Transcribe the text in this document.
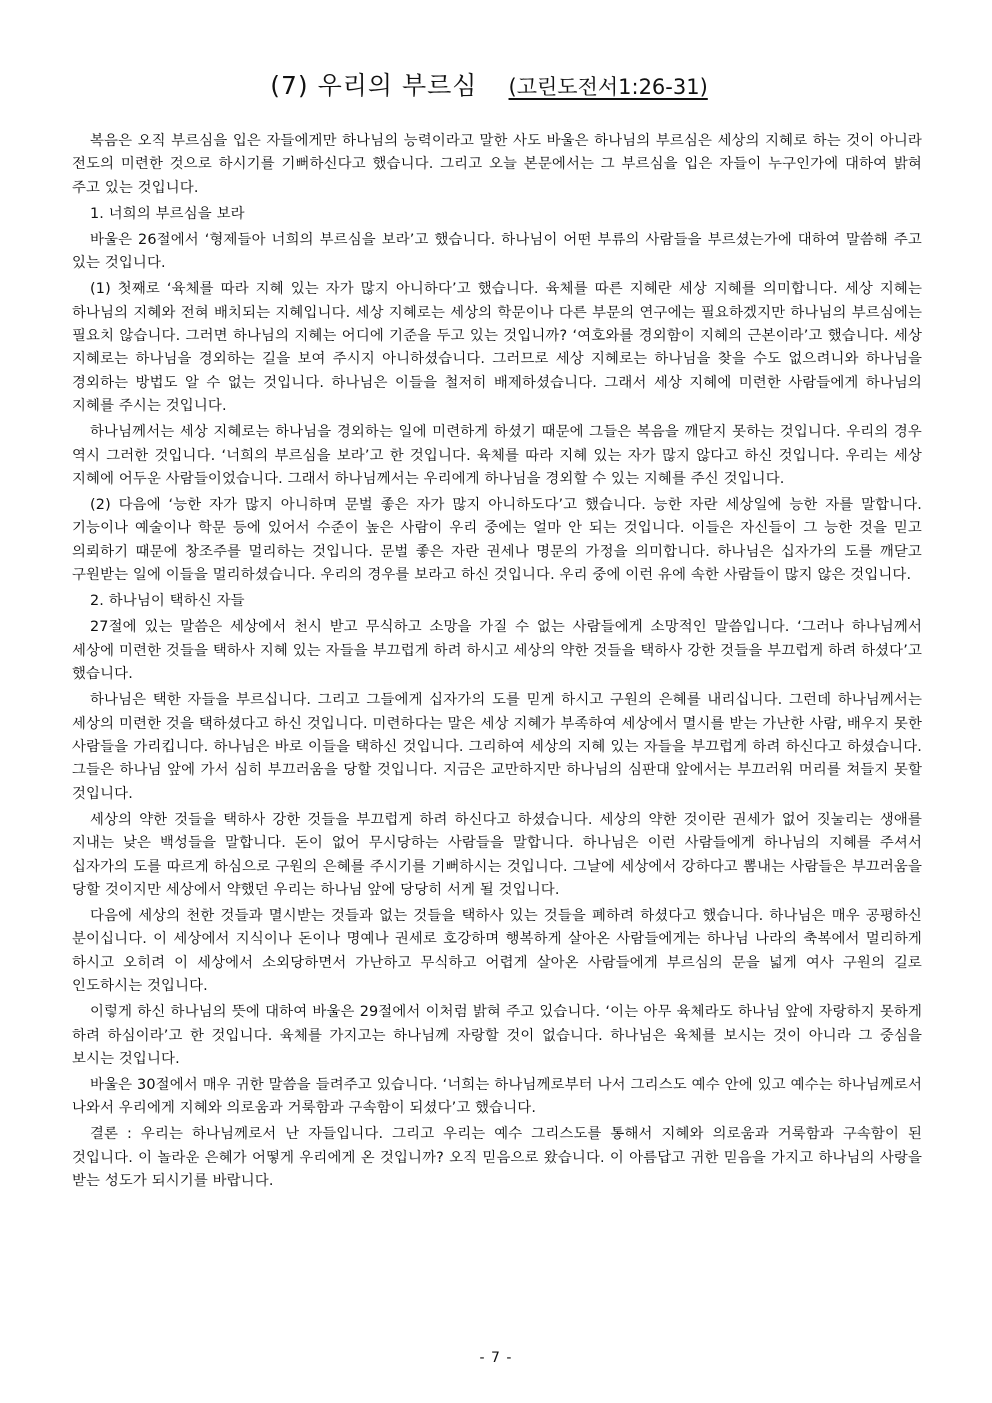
(7) 우리의 부르심 (고린도전서1:26-31)

복음은 오직 부르심을 입은 자들에게만 하나님의 능력이라고 말한 사도 바울은 하나님의 부르심은 세상의 지혜로 하는 것이 아니라 전도의 미련한 것으로 하시기를 기뻐하신다고 했습니다. 그리고 오늘 본문에서는 그 부르심을 입은 자들이 누구인가에 대하여 밝혀 주고 있는 것입니다.

1. 너희의 부르심을 보라

바울은 26절에서 ‘형제들아 너희의 부르심을 보라’고 했습니다. 하나님이 어떤 부류의 사람들을 부르셨는가에 대하여 말씀해 주고 있는 것입니다.

(1) 첫째로 ‘육체를 따라 지혜 있는 자가 많지 아니하다’고 했습니다. 육체를 따른 지혜란 세상 지혜를 의미합니다. 세상 지혜는 하나님의 지혜와 전혀 배치되는 지혜입니다. 세상 지혜로는 세상의 학문이나 다른 부문의 연구에는 필요하겠지만 하나님의 부르심에는 필요치 않습니다. 그러면 하나님의 지혜는 어디에 기준을 두고 있는 것입니까? ‘여호와를 경외함이 지혜의 근본이라’고 했습니다. 세상 지혜로는 하나님을 경외하는 길을 보여 주시지 아니하셨습니다. 그러므로 세상 지혜로는 하나님을 찾을 수도 없으려니와 하나님을 경외하는 방법도 알 수 없는 것입니다. 하나님은 이들을 철저히 배제하셨습니다. 그래서 세상 지혜에 미련한 사람들에게 하나님의 지혜를 주시는 것입니다.

하나님께서는 세상 지혜로는 하나님을 경외하는 일에 미련하게 하셨기 때문에 그들은 복음을 깨닫지 못하는 것입니다. 우리의 경우 역시 그러한 것입니다. ‘너희의 부르심을 보라’고 한 것입니다. 육체를 따라 지혜 있는 자가 많지 않다고 하신 것입니다. 우리는 세상 지혜에 어두운 사람들이었습니다. 그래서 하나님께서는 우리에게 하나님을 경외할 수 있는 지혜를 주신 것입니다.

(2) 다음에 ‘능한 자가 많지 아니하며 문벌 좋은 자가 많지 아니하도다’고 했습니다. 능한 자란 세상일에 능한 자를 말합니다. 기능이나 예술이나 학문 등에 있어서 수준이 높은 사람이 우리 중에는 얼마 안 되는 것입니다. 이들은 자신들이 그 능한 것을 믿고 의뢰하기 때문에 창조주를 멀리하는 것입니다. 문벌 좋은 자란 권세나 명문의 가정을 의미합니다. 하나님은 십자가의 도를 깨닫고 구원받는 일에 이들을 멀리하셨습니다. 우리의 경우를 보라고 하신 것입니다. 우리 중에 이런 유에 속한 사람들이 많지 않은 것입니다.

2. 하나님이 택하신 자들

27절에 있는 말씀은 세상에서 천시 받고 무식하고 소망을 가질 수 없는 사람들에게 소망적인 말씀입니다. ‘그러나 하나님께서 세상에 미련한 것들을 택하사 지혜 있는 자들을 부끄럽게 하려 하시고 세상의 약한 것들을 택하사 강한 것들을 부끄럽게 하려 하셨다’고 했습니다.

하나님은 택한 자들을 부르십니다. 그리고 그들에게 십자가의 도를 믿게 하시고 구원의 은혜를 내리십니다. 그런데 하나님께서는 세상의 미련한 것을 택하셨다고 하신 것입니다. 미련하다는 말은 세상 지혜가 부족하여 세상에서 멸시를 받는 가난한 사람, 배우지 못한 사람들을 가리킵니다. 하나님은 바로 이들을 택하신 것입니다. 그리하여 세상의 지혜 있는 자들을 부끄럽게 하려 하신다고 하셨습니다. 그들은 하나님 앞에 가서 심히 부끄러움을 당할 것입니다. 지금은 교만하지만 하나님의 심판대 앞에서는 부끄러워 머리를 쳐들지 못할 것입니다.

세상의 약한 것들을 택하사 강한 것들을 부끄럽게 하려 하신다고 하셨습니다. 세상의 약한 것이란 권세가 없어 짓눌리는 생애를 지내는 낮은 백성들을 말합니다. 돈이 없어 무시당하는 사람들을 말합니다. 하나님은 이런 사람들에게 하나님의 지혜를 주셔서 십자가의 도를 따르게 하심으로 구원의 은혜를 주시기를 기뻐하시는 것입니다. 그날에 세상에서 강하다고 뽐내는 사람들은 부끄러움을 당할 것이지만 세상에서 약했던 우리는 하나님 앞에 당당히 서게 될 것입니다.

다음에 세상의 천한 것들과 멸시받는 것들과 없는 것들을 택하사 있는 것들을 폐하려 하셨다고 했습니다. 하나님은 매우 공평하신 분이십니다. 이 세상에서 지식이나 돈이나 명예나 권세로 호강하며 행복하게 살아온 사람들에게는 하나님 나라의 축복에서 멀리하게 하시고 오히려 이 세상에서 소외당하면서 가난하고 무식하고 어렵게 살아온 사람들에게 부르심의 문을 넓게 여사 구원의 길로 인도하시는 것입니다.

이렇게 하신 하나님의 뜻에 대하여 바울은 29절에서 이처럼 밝혀 주고 있습니다. ‘이는 아무 육체라도 하나님 앞에 자랑하지 못하게 하려 하심이라’고 한 것입니다. 육체를 가지고는 하나님께 자랑할 것이 없습니다. 하나님은 육체를 보시는 것이 아니라 그 중심을 보시는 것입니다.

바울은 30절에서 매우 귀한 말씀을 들려주고 있습니다. ‘너희는 하나님께로부터 나서 그리스도 예수 안에 있고 예수는 하나님께로서 나와서 우리에게 지혜와 의로움과 거룩함과 구속함이 되셨다’고 했습니다.

결론 : 우리는 하나님께로서 난 자들입니다. 그리고 우리는 예수 그리스도를 통해서 지혜와 의로움과 거룩함과 구속함이 된 것입니다. 이 놀라운 은혜가 어떻게 우리에게 온 것입니까? 오직 믿음으로 왔습니다. 이 아름답고 귀한 믿음을 가지고 하나님의 사랑을 받는 성도가 되시기를 바랍니다.

- 7 -
